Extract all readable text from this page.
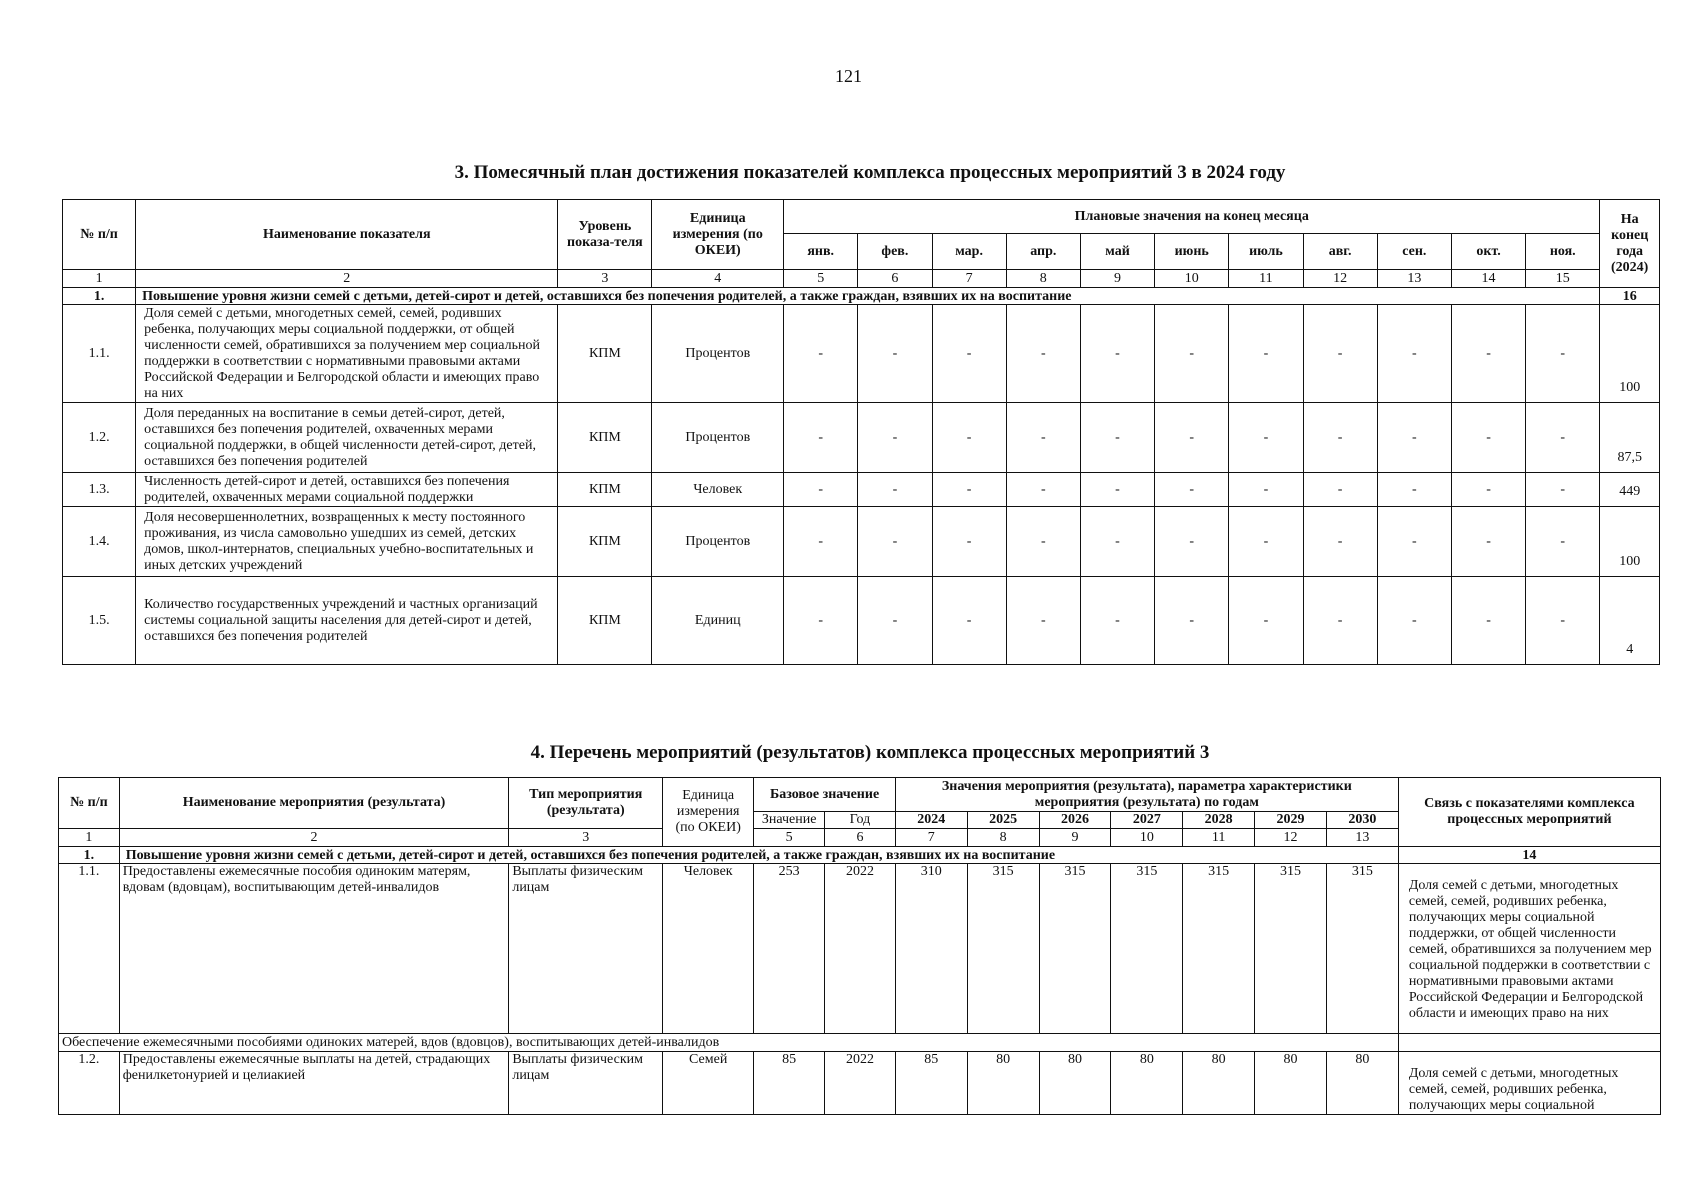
121
3. Помесячный план достижения показателей комплекса процессных мероприятий 3 в 2024 году
№ п/п	Наименование показателя	Уровень показа-теля	Единица измерения (по ОКЕИ)	Плановые значения на конец месяца											На конец года (2024)
				янв.	фев.	мар.	апр.	май	июнь	июль	авг.	сен.	окт.	ноя.	
1	2	3	4	5	6	7	8	9	10	11	12	13	14	15	
1.	Повышение уровня жизни семей с детьми, детей-сирот и детей, оставшихся без попечения родителей, а также граждан, взявших их на воспитание														16
1.1.	Доля семей с детьми, многодетных семей, семей, родивших ребенка, получающих меры социальной поддержки, от общей численности семей, обратившихся за получением мер социальной поддержки в соответствии с нормативными правовыми актами Российской Федерации и Белгородской области и имеющих право на них	КПМ	Процентов	-	-	-	-	-	-	-	-	-	-	-	100
1.2.	Доля переданных на воспитание в семьи детей-сирот, детей, оставшихся без попечения родителей, охваченных мерами социальной поддержки, в общей численности детей-сирот, детей, оставшихся без попечения родителей	КПМ	Процентов	-	-	-	-	-	-	-	-	-	-	-	87,5
1.3.	Численность детей-сирот и детей, оставшихся без попечения родителей, охваченных мерами социальной поддержки	КПМ	Человек	-	-	-	-	-	-	-	-	-	-	-	449
1.4.	Доля несовершеннолетних, возвращенных к месту постоянного проживания, из числа самовольно ушедших из семей, детских домов, школ-интернатов, специальных учебно-воспитательных и иных детских учреждений	КПМ	Процентов	-	-	-	-	-	-	-	-	-	-	-	100
1.5.	Количество государственных учреждений и частных организаций системы социальной защиты населения для детей-сирот и детей, оставшихся без попечения родителей	КПМ	Единиц	-	-	-	-	-	-	-	-	-	-	-	4
4. Перечень мероприятий (результатов) комплекса процессных мероприятий 3
№ п/п	Наименование мероприятия (результата)	Тип мероприятия (результата)	Единица измерения (по ОКЕИ)	Базовое значение		Значения мероприятия (результата), параметра характеристики мероприятия (результата) по годам							Связь с показателями комплекса процессных мероприятий
				Значение	Год	2024	2025	2026	2027	2028	2029	2030	
1	2	3		5	6	7	8	9	10	11	12	13	
1.	Повышение уровня жизни семей с детьми, детей-сирот и детей, оставшихся без попечения родителей, а также граждан, взявших их на воспитание												14
1.1.	Предоставлены ежемесячные пособия одиноким матерям, вдовам (вдовцам), воспитывающим детей-инвалидов	Выплаты физическим лицам	Человек	253	2022	310	315	315	315	315	315	315	Доля семей с детьми, многодетных семей, семей, родивших ребенка, получающих меры социальной поддержки, от общей численности семей, обратившихся за получением мер социальной поддержки в соответствии с нормативными правовыми актами Российской Федерации и Белгородской области и имеющих право на них
Обеспечение ежемесячными пособиями одиноких матерей, вдов (вдовцов), воспитывающих детей-инвалидов													
1.2.	Предоставлены ежемесячные выплаты на детей, страдающих фенилкетонурией и целиакией	Выплаты физическим лицам	Семей	85	2022	85	80	80	80	80	80	80	Доля семей с детьми, многодетных семей, семей, родивших ребенка, получающих меры социальной
